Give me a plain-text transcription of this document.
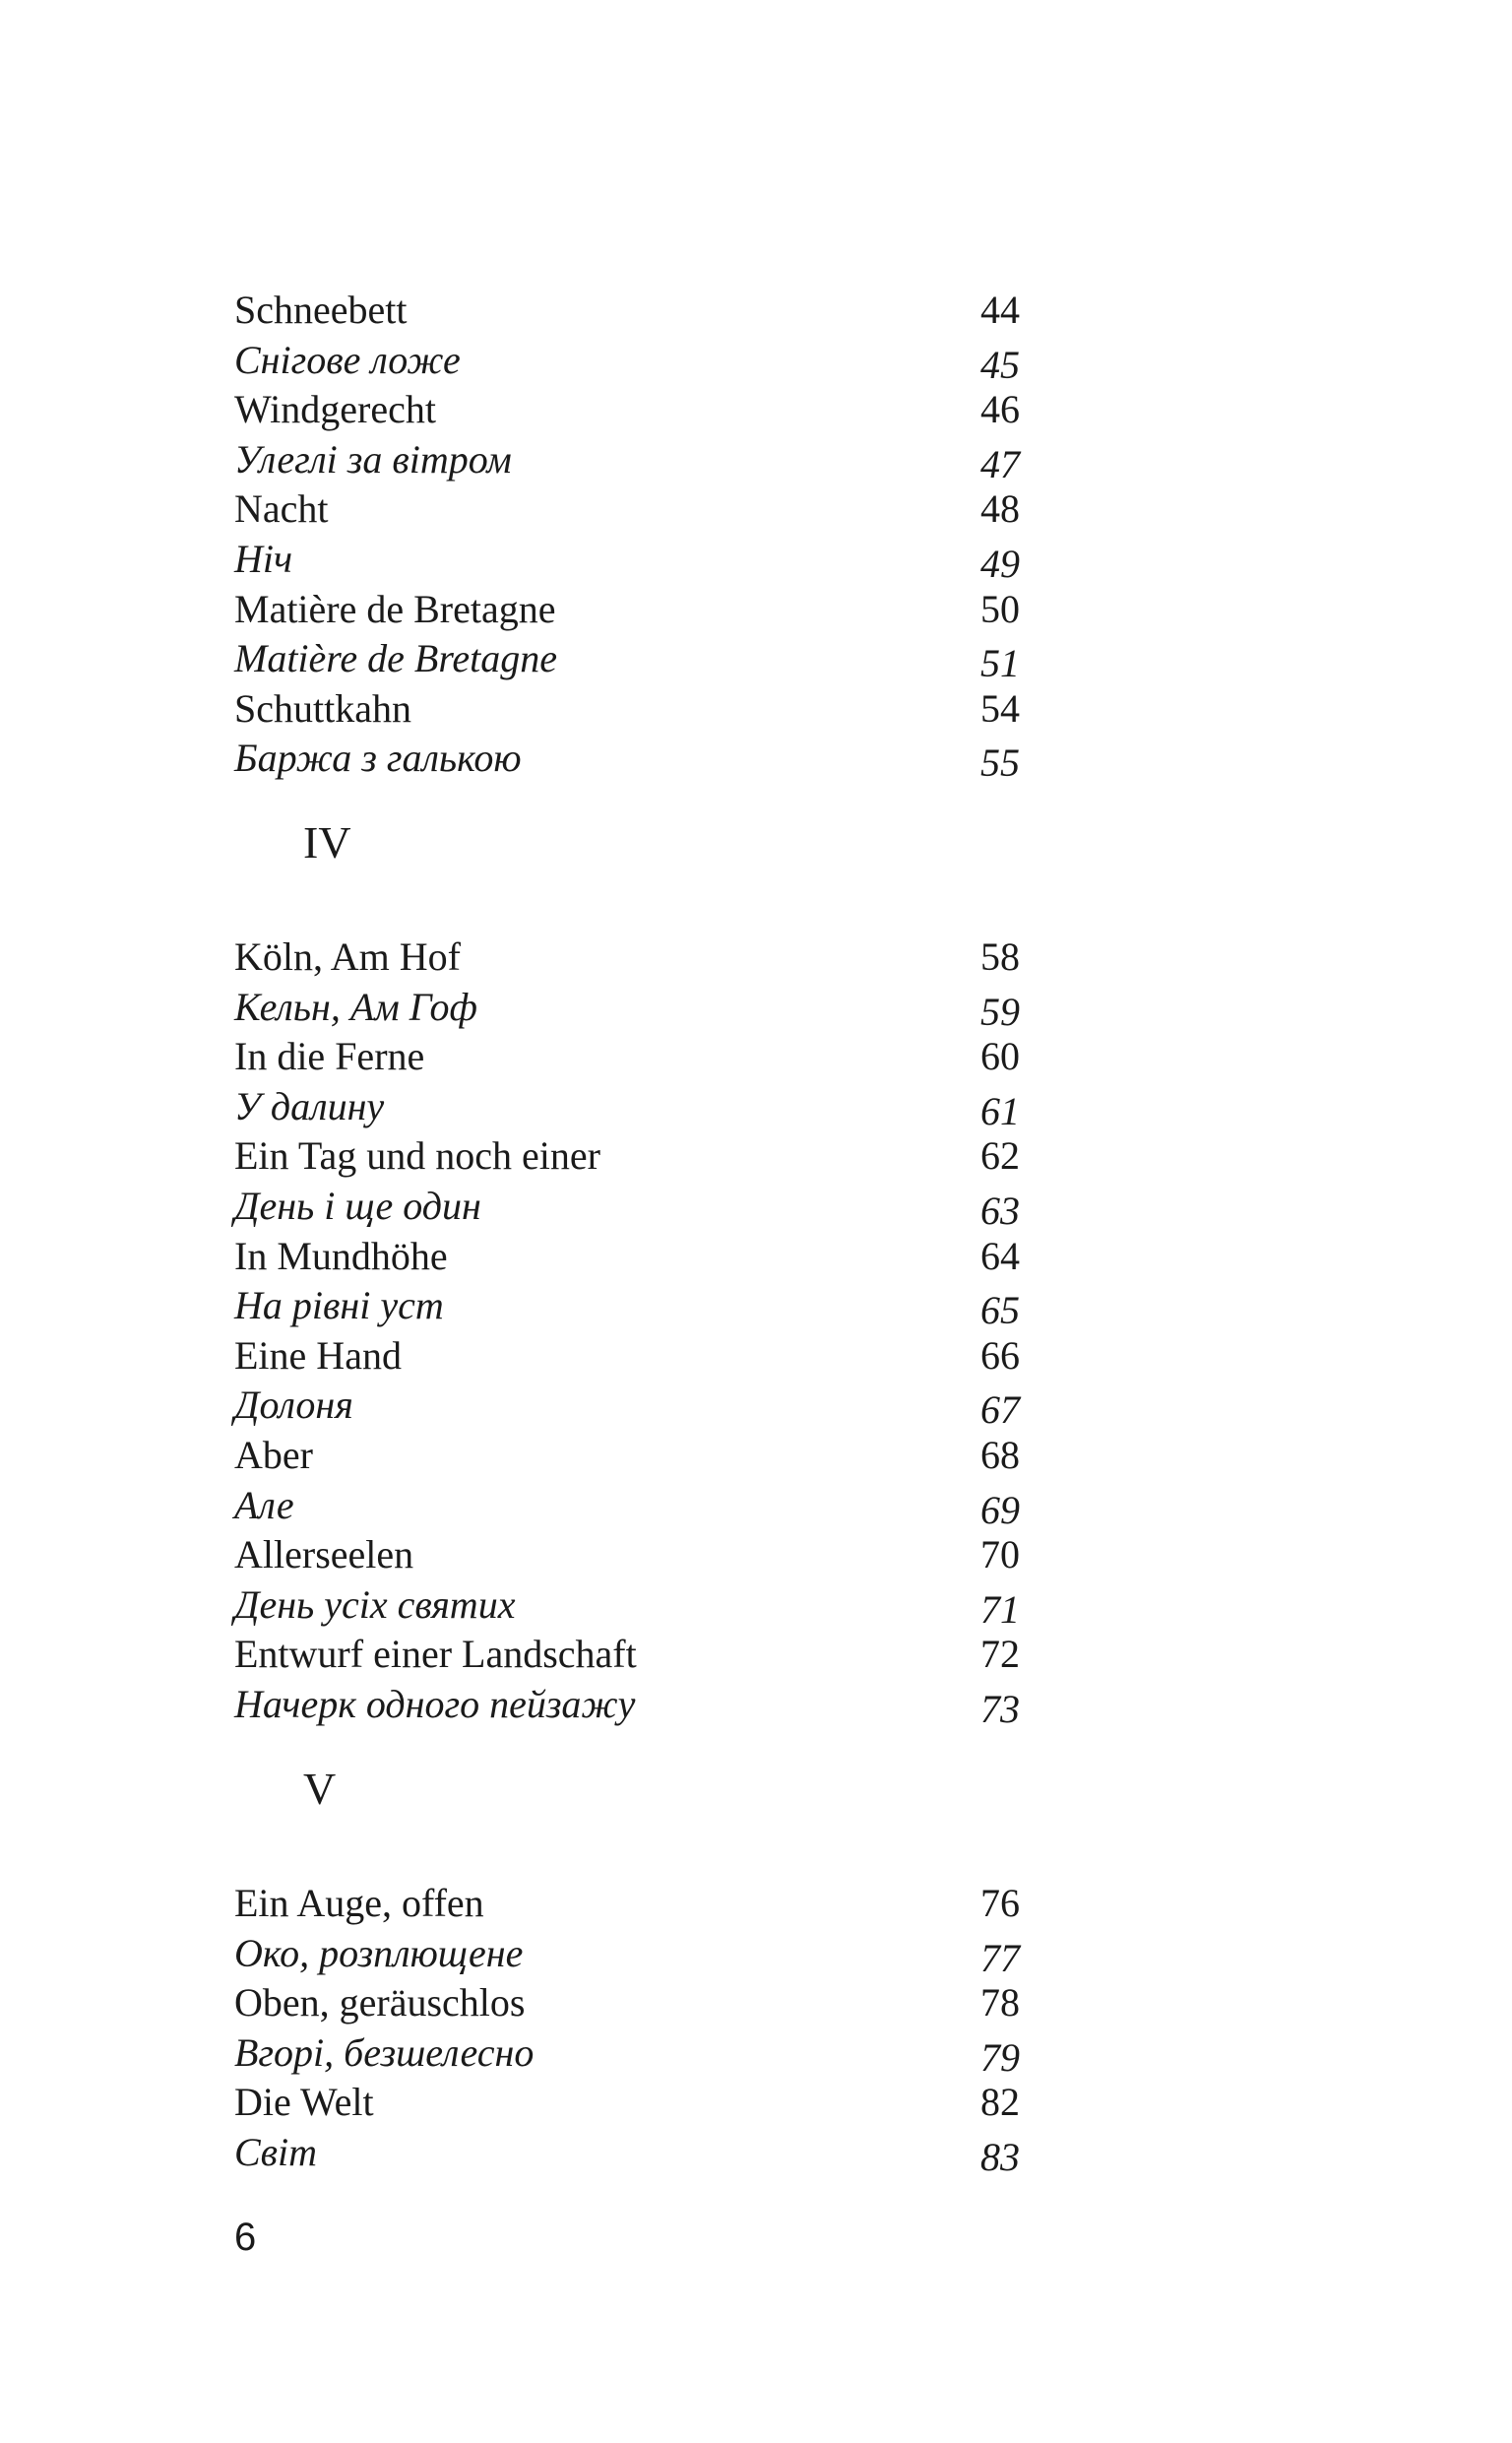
Schneebett	44
Снігове ложе	45
Windgerecht	46
Улеглі за вітром	47
Nacht	48
Ніч	49
Matière de Bretagne	50
Matière de Bretagne	51
Schuttkahn	54
Баржа з галькою	55
IV
Köln, Am Hof	58
Кельн, Ам Гоф	59
In die Ferne	60
У далину	61
Ein Tag und noch einer	62
День і ще один	63
In Mundhöhe	64
На рівні уст	65
Eine Hand	66
Долоня	67
Aber	68
Але	69
Allerseelen	70
День усіх святих	71
Entwurf einer Landschaft	72
Начерк одного пейзажу	73
V
Ein Auge, offen	76
Око, розплющене	77
Oben, geräuschlos	78
Вгорі, безшелесно	79
Die Welt	82
Світ	83
6
